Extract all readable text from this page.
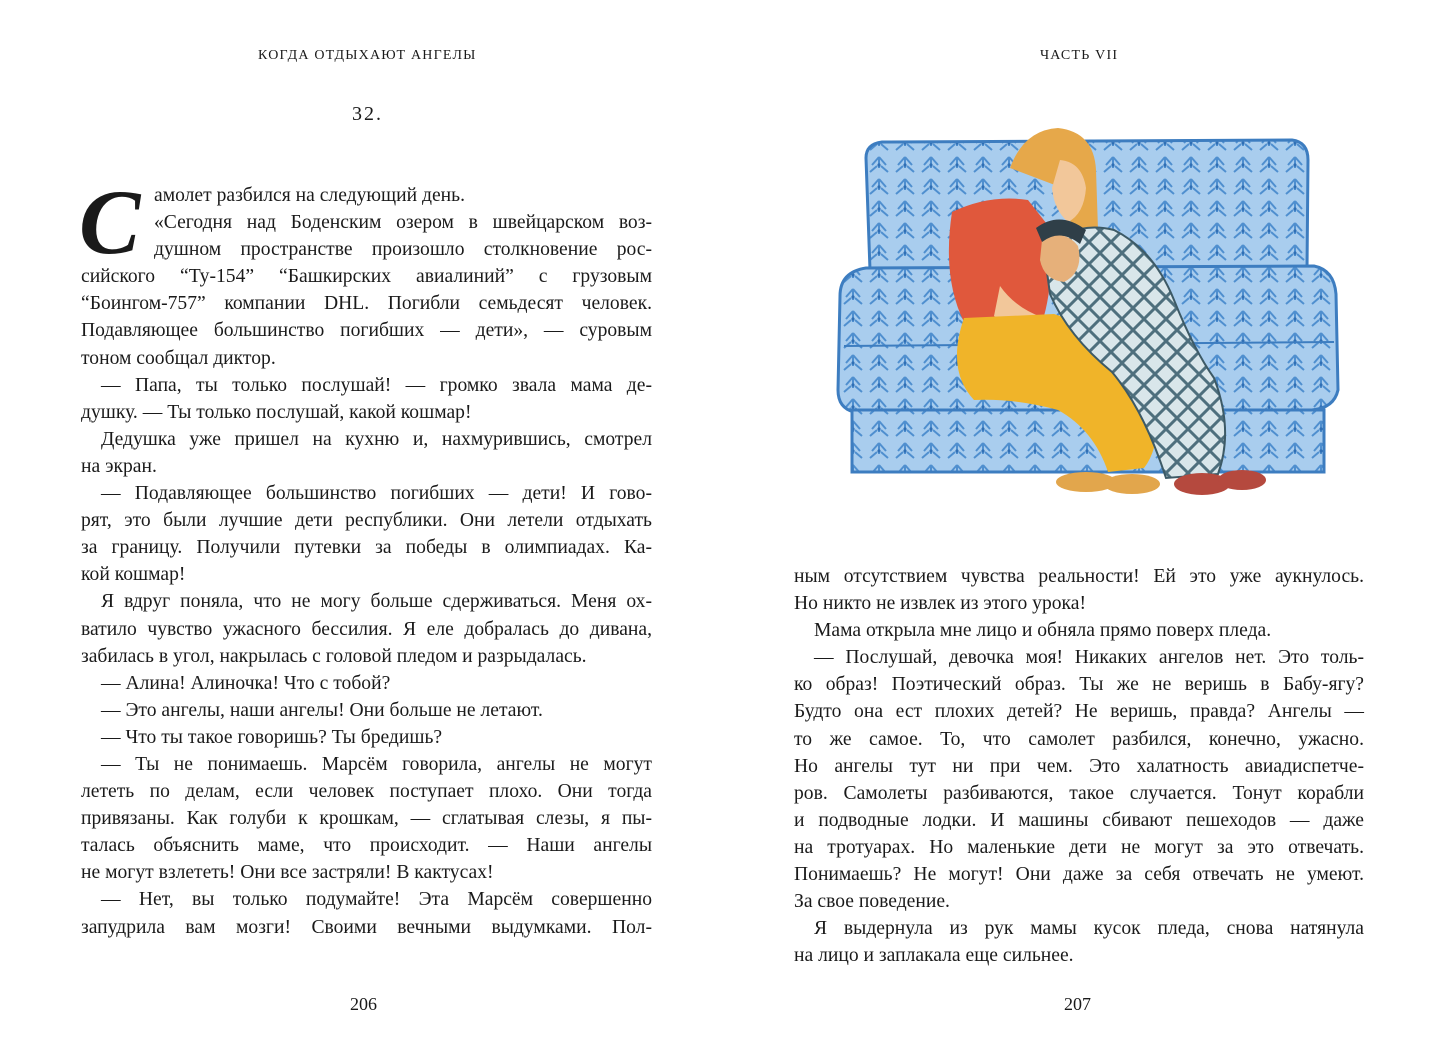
КОГДА ОТДЫХАЮТ АНГЕЛЫ
32.
С амолет разбился на следующий день.
«Сегодня над Боденским озером в швейцарском воз-
душном пространстве произошло столкновение рос-
сийского “Ту-154” “Башкирских авиалиний” с грузовым
“Боингом-757” компании DHL. Погибли семьдесят человек.
Подавляющее большинство погибших — дети», — суровым
тоном сообщал диктор.
— Папа, ты только послушай! — громко звала мама де-
душку. — Ты только послушай, какой кошмар!
Дедушка уже пришел на кухню и, нахмурившись, смотрел
на экран.
— Подавляющее большинство погибших — дети! И гово-
рят, это были лучшие дети республики. Они летели отдыхать
за границу. Получили путевки за победы в олимпиадах. Ка-
кой кошмар!
Я вдруг поняла, что не могу больше сдерживаться. Меня ох-
ватило чувство ужасного бессилия. Я еле добралась до дивана,
забилась в угол, накрылась с головой пледом и разрыдалась.
— Алина! Алиночка! Что с тобой?
— Это ангелы, наши ангелы! Они больше не летают.
— Что ты такое говоришь? Ты бредишь?
— Ты не понимаешь. Марсём говорила, ангелы не могут
лететь по делам, если человек поступает плохо. Они тогда
привязаны. Как голуби к крошкам, — сглатывая слезы, я пы-
талась объяснить маме, что происходит. — Наши ангелы
не могут взлететь! Они все застряли! В кактусах!
— Нет, вы только подумайте! Эта Марсём совершенно
запудрила вам мозги! Своими вечными выдумками. Пол-
206
ЧАСТЬ VII
ным отсутствием чувства реальности! Ей это уже аукнулось.
Но никто не извлек из этого урока!
Мама открыла мне лицо и обняла прямо поверх пледа.
— Послушай, девочка моя! Никаких ангелов нет. Это толь-
ко образ! Поэтический образ. Ты же не веришь в Бабу-ягу?
Будто она ест плохих детей? Не веришь, правда? Ангелы —
то же самое. То, что самолет разбился, конечно, ужасно.
Но ангелы тут ни при чем. Это халатность авиадиспетче-
ров. Самолеты разбиваются, такое случается. Тонут корабли
и подводные лодки. И машины сбивают пешеходов — даже
на тротуарах. Но маленькие дети не могут за это отвечать.
Понимаешь? Не могут! Они даже за себя отвечать не умеют.
За свое поведение.
Я выдернула из рук мамы кусок пледа, снова натянула
на лицо и заплакала еще сильнее.
207
